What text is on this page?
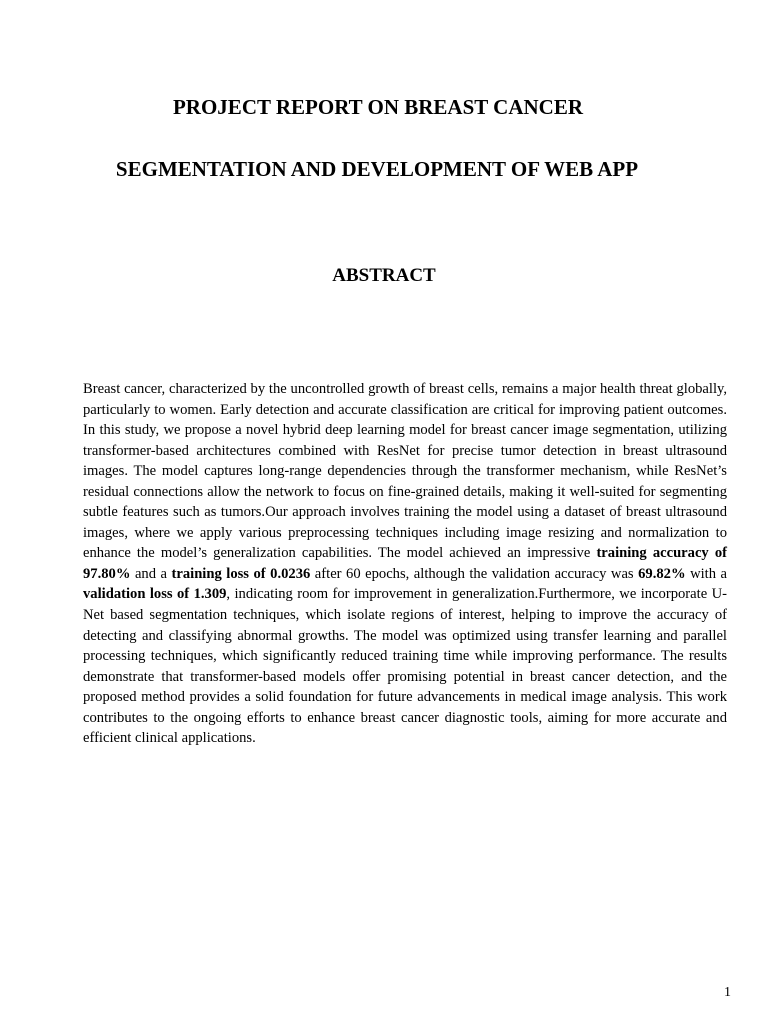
PROJECT REPORT ON BREAST CANCER
SEGMENTATION AND DEVELOPMENT OF WEB APP
ABSTRACT
Breast cancer, characterized by the uncontrolled growth of breast cells, remains a major health threat globally, particularly to women. Early detection and accurate classification are critical for improving patient outcomes. In this study, we propose a novel hybrid deep learning model for breast cancer image segmentation, utilizing transformer-based architectures combined with ResNet for precise tumor detection in breast ultrasound images. The model captures long-range dependencies through the transformer mechanism, while ResNet’s residual connections allow the network to focus on fine-grained details, making it well-suited for segmenting subtle features such as tumors.Our approach involves training the model using a dataset of breast ultrasound images, where we apply various preprocessing techniques including image resizing and normalization to enhance the model’s generalization capabilities. The model achieved an impressive training accuracy of 97.80% and a training loss of 0.0236 after 60 epochs, although the validation accuracy was 69.82% with a validation loss of 1.309, indicating room for improvement in generalization.Furthermore, we incorporate U-Net based segmentation techniques, which isolate regions of interest, helping to improve the accuracy of detecting and classifying abnormal growths. The model was optimized using transfer learning and parallel processing techniques, which significantly reduced training time while improving performance. The results demonstrate that transformer-based models offer promising potential in breast cancer detection, and the proposed method provides a solid foundation for future advancements in medical image analysis. This work contributes to the ongoing efforts to enhance breast cancer diagnostic tools, aiming for more accurate and efficient clinical applications.
1
